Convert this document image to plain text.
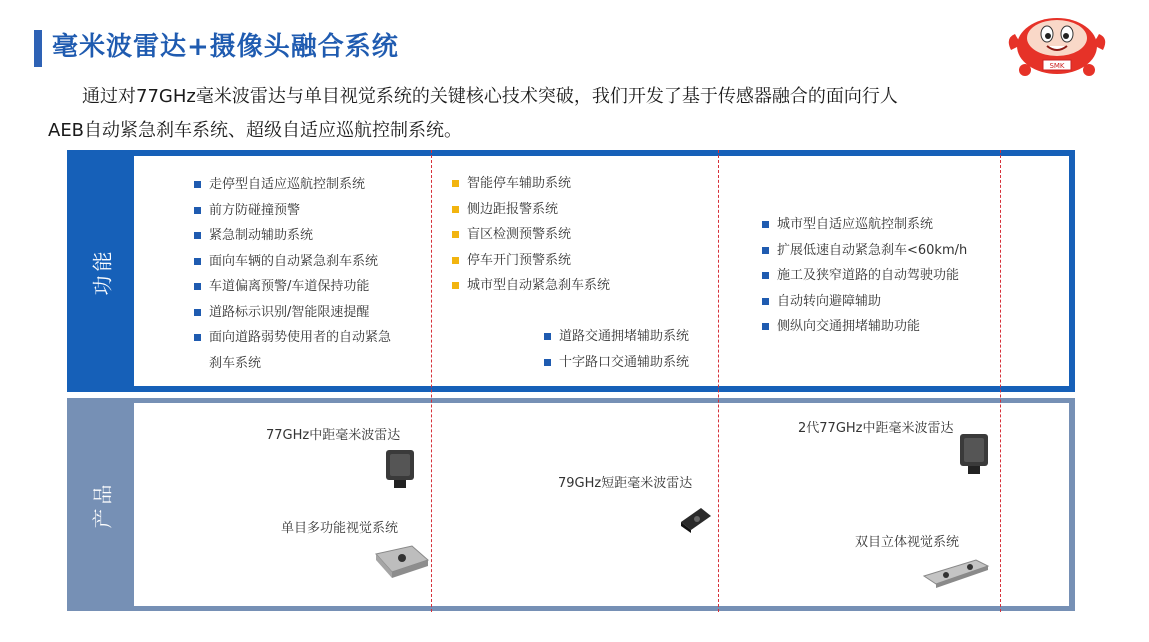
毫米波雷达+摄像头融合系统
通过对77GHz毫米波雷达与单目视觉系统的关键核心技术突破，我们开发了基于传感器融合的面向行人
AEB自动紧急刹车系统、超级自适应巡航控制系统。
SMK
功能
产品
走停型自适应巡航控制系统
前方防碰撞预警
紧急制动辅助系统
面向车辆的自动紧急刹车系统
车道偏离预警/车道保持功能
道路标示识别/智能限速提醒
面向道路弱势使用者的自动紧急
刹车系统
智能停车辅助系统
侧边距报警系统
盲区检测预警系统
停车开门预警系统
城市型自动紧急刹车系统
道路交通拥堵辅助系统
十字路口交通辅助系统
城市型自适应巡航控制系统
扩展低速自动紧急刹车<60km/h
施工及狭窄道路的自动驾驶功能
自动转向避障辅助
侧纵向交通拥堵辅助功能
77GHz中距毫米波雷达
单目多功能视觉系统
79GHz短距毫米波雷达
2代77GHz中距毫米波雷达
双目立体视觉系统
